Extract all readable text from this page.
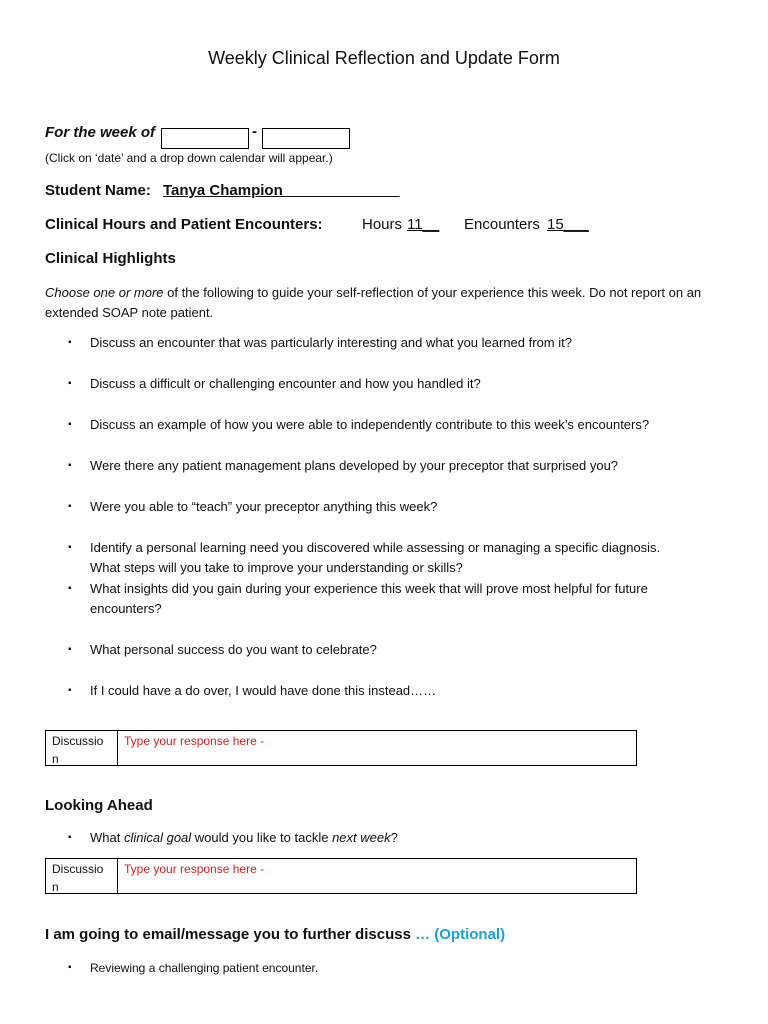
Weekly Clinical Reflection and Update Form
For the week of	-
(Click on ‘date’ and a drop down calendar will appear.)
Student Name: Tanya Champion______________
Clinical Hours and Patient Encounters:	Hours 11__ Encounters 15___
Clinical Highlights
Choose one or more of the following to guide your self-reflection of your experience this week. Do not report on an extended SOAP note patient.
▪ Discuss an encounter that was particularly interesting and what you learned from it?
▪ Discuss a difficult or challenging encounter and how you handled it?
▪ Discuss an example of how you were able to independently contribute to this week’s encounters?
▪ Were there any patient management plans developed by your preceptor that surprised you?
▪ Were you able to “teach” your preceptor anything this week?
▪ Identify a personal learning need you discovered while assessing or managing a specific diagnosis.
What steps will you take to improve your understanding or skills?
▪ What insights did you gain during your experience this week that will prove most helpful for future
encounters?
▪ What personal success do you want to celebrate?
▪ If I could have a do over, I would have done this instead……
Discussio
n
Type your response here -
Looking Ahead
▪ What clinical goal would you like to tackle next week?
Discussio
n
Type your response here -
I am going to email/message you to further discuss … (Optional)
▪ Reviewing a challenging patient encounter.
